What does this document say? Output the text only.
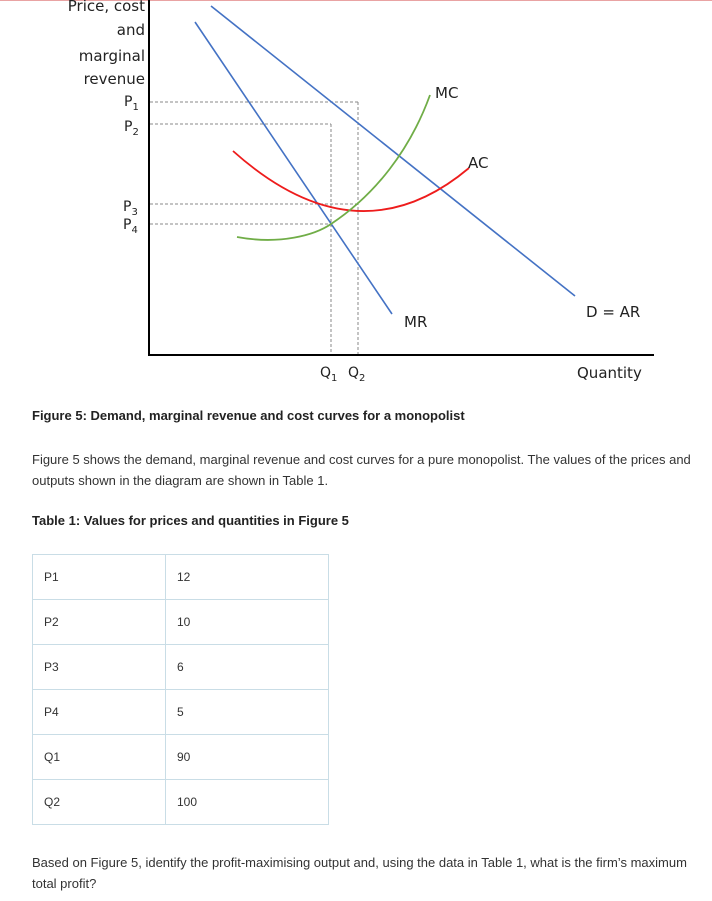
Price, cost
and
marginal
revenue
$P_1$
$P_2$
$P_3$
$P_4$
$Q_1$ $Q_2$
MC
AC
MR
D = AR
Quantity
Figure 5: Demand, marginal revenue and cost curves for a monopolist
Figure 5 shows the demand, marginal revenue and cost curves for a pure monopolist. The values of the prices and outputs shown in the diagram are shown in Table 1.
Table 1: Values for prices and quantities in Figure 5
P1	12
P2	10
P3	6
P4	5
Q1	90
Q2	100
Based on Figure 5, identify the profit-maximising output and, using the data in Table 1, what is the firm’s maximum total profit?
